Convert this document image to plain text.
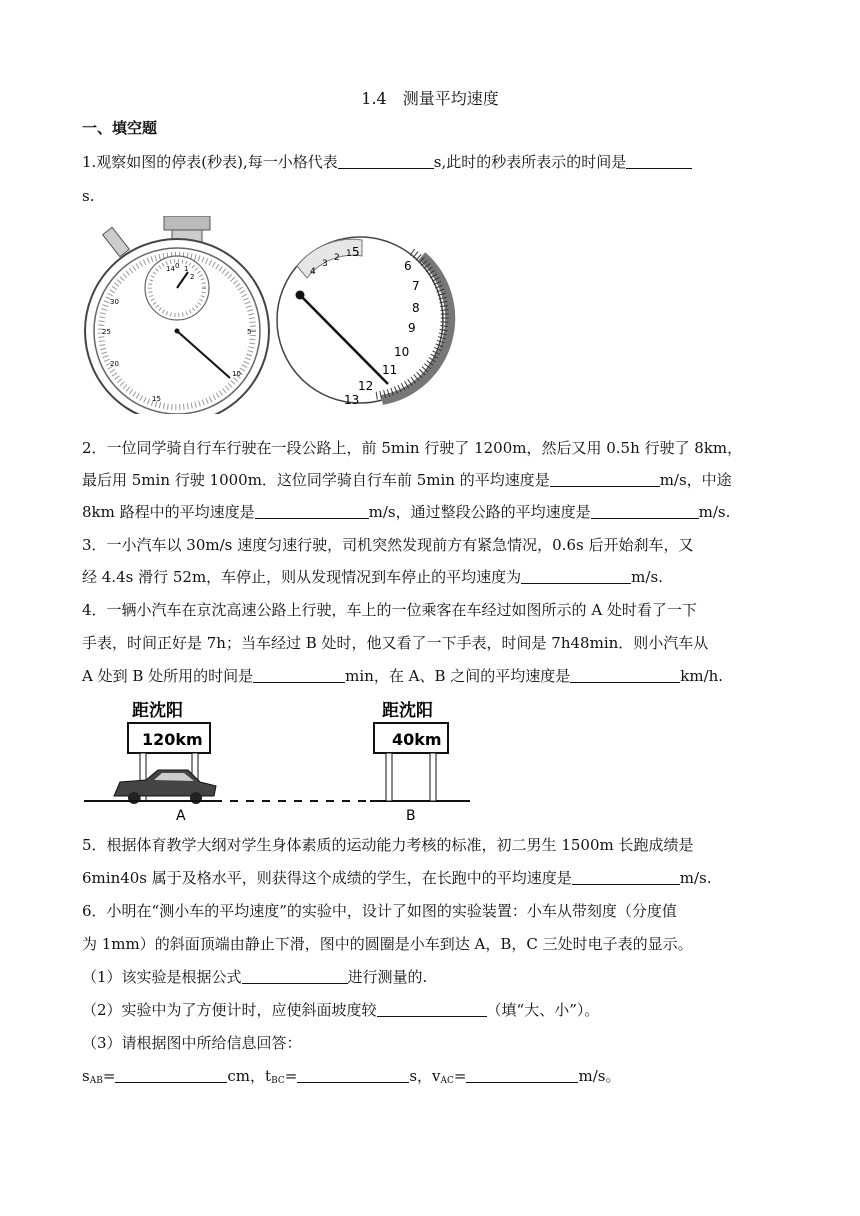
1.4　测量平均速度
一、填空题
1.观察如图的停表(秒表),每一小格代表	s,此时的秒表所表示的时间是
s.
30
25
20
15
10
5
14 0 1
2	4
3
2 1 5
6
7
8
9
10
11
12
13
2．一位同学骑自行车行驶在一段公路上，前 5min 行驶了 1200m，然后又用 0.5h 行驶了 8km，
最后用 5min 行驶 1000m．这位同学骑自行车前 5min 的平均速度是	m/s，中途
8km 路程中的平均速度是	m/s，通过整段公路的平均速度是	m/s.
3．一小汽车以 30m/s 速度匀速行驶，司机突然发现前方有紧急情况，0.6s 后开始刹车，又
经 4.4s 滑行 52m，车停止，则从发现情况到车停止的平均速度为	m/s.
4．一辆小汽车在京沈高速公路上行驶，车上的一位乘客在车经过如图所示的 A 处时看了一下
手表，时间正好是 7h；当车经过 B 处时，他又看了一下手表，时间是 7h48min．则小汽车从
A 处到 B 处所用的时间是	min，在 A、B 之间的平均速度是	km/h.
距沈阳
120km
A
距沈阳
40km
B
5．根据体育教学大纲对学生身体素质的运动能力考核的标准，初二男生 1500m 长跑成绩是
6min40s 属于及格水平，则获得这个成绩的学生，在长跑中的平均速度是	m/s.
6．小明在“测小车的平均速度”的实验中，设计了如图的实验装置：小车从带刻度（分度值
为 1mm）的斜面顶端由静止下滑，图中的圆圈是小车到达 A，B，C 三处时电子表的显示。
（1）该实验是根据公式	进行测量的.
（2）实验中为了方便计时，应使斜面坡度较	（填“大、小”）。
（3）请根据图中所给信息回答：
$s_{AB}=$	cm，$t_{BC}=$	s，$v_{AC}=$	m/s。
